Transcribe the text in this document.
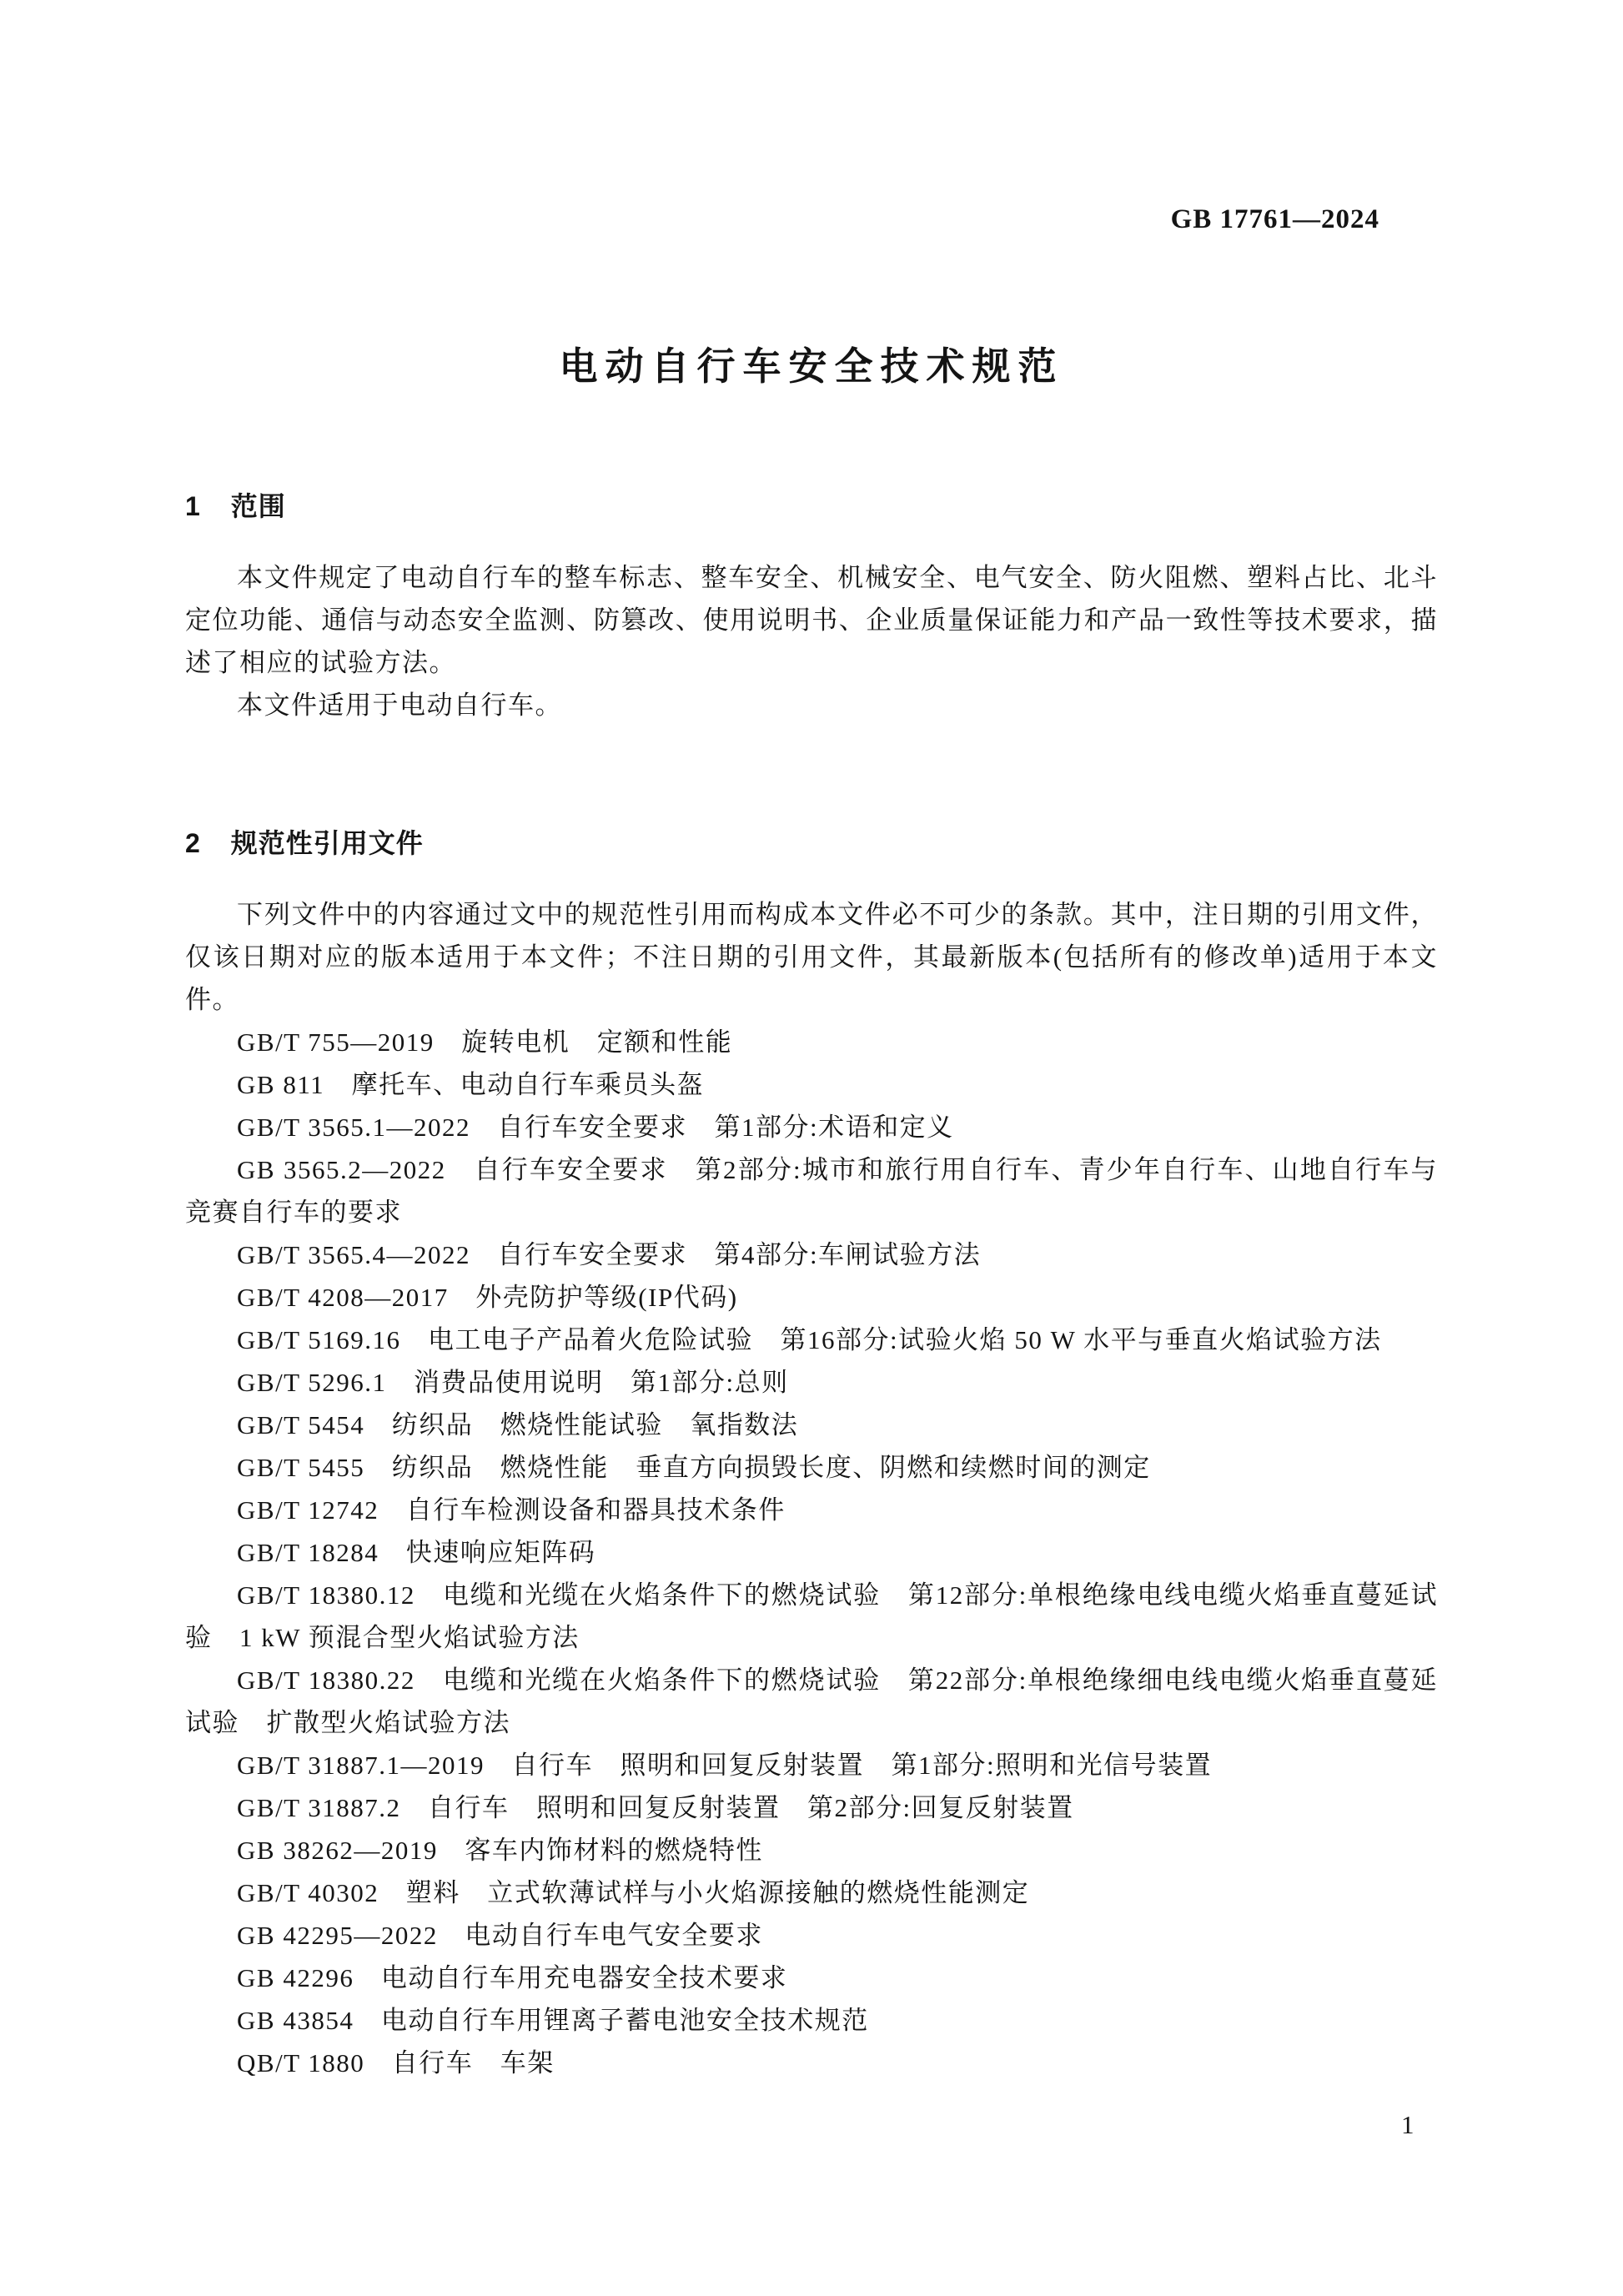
GB 17761—2024
电动自行车安全技术规范
1 范围

本文件规定了电动自行车的整车标志、整车安全、机械安全、电气安全、防火阻燃、塑料占比、北斗定位功能、通信与动态安全监测、防篡改、使用说明书、企业质量保证能力和产品一致性等技术要求，描述了相应的试验方法。

本文件适用于电动自行车。

2 规范性引用文件

下列文件中的内容通过文中的规范性引用而构成本文件必不可少的条款。其中，注日期的引用文件，仅该日期对应的版本适用于本文件；不注日期的引用文件，其最新版本(包括所有的修改单)适用于本文件。

GB/T 755—2019　旋转电机　定额和性能

GB 811　摩托车、电动自行车乘员头盔

GB/T 3565.1—2022　自行车安全要求　第1部分:术语和定义

GB 3565.2—2022　自行车安全要求　第2部分:城市和旅行用自行车、青少年自行车、山地自行车与竞赛自行车的要求

GB/T 3565.4—2022　自行车安全要求　第4部分:车闸试验方法

GB/T 4208—2017　外壳防护等级(IP代码)

GB/T 5169.16　电工电子产品着火危险试验　第16部分:试验火焰 50 W 水平与垂直火焰试验方法

GB/T 5296.1　消费品使用说明　第1部分:总则

GB/T 5454　纺织品　燃烧性能试验　氧指数法

GB/T 5455　纺织品　燃烧性能　垂直方向损毁长度、阴燃和续燃时间的测定

GB/T 12742　自行车检测设备和器具技术条件

GB/T 18284　快速响应矩阵码

GB/T 18380.12　电缆和光缆在火焰条件下的燃烧试验　第12部分:单根绝缘电线电缆火焰垂直蔓延试验　1 kW 预混合型火焰试验方法

GB/T 18380.22　电缆和光缆在火焰条件下的燃烧试验　第22部分:单根绝缘细电线电缆火焰垂直蔓延试验　扩散型火焰试验方法

GB/T 31887.1—2019　自行车　照明和回复反射装置　第1部分:照明和光信号装置

GB/T 31887.2　自行车　照明和回复反射装置　第2部分:回复反射装置

GB 38262—2019　客车内饰材料的燃烧特性

GB/T 40302　塑料　立式软薄试样与小火焰源接触的燃烧性能测定

GB 42295—2022　电动自行车电气安全要求

GB 42296　电动自行车用充电器安全技术要求

GB 43854　电动自行车用锂离子蓄电池安全技术规范

QB/T 1880　自行车　车架

1
